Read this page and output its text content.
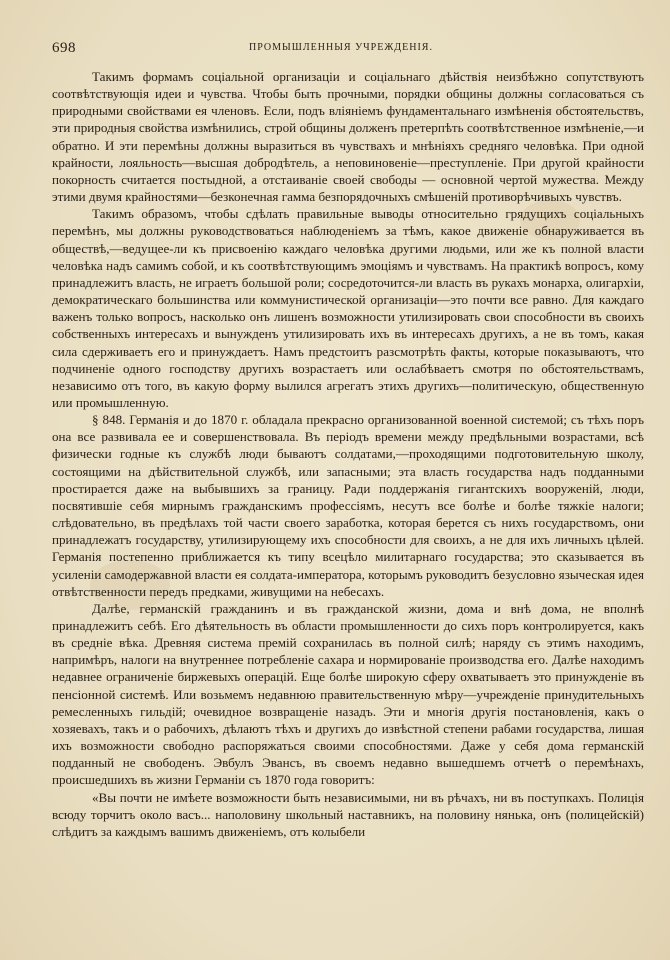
698	ПРОМЫШЛЕННЫЯ УЧРЕЖДЕНІЯ.

Такимъ формамъ соціальной организаціи и соціальнаго дѣйствія неизбѣжно сопутствуютъ соотвѣтствующія идеи и чувства. Чтобы быть прочными, порядки общины должны согласоваться съ природными свойствами ея членовъ. Если, подъ вліяніемъ фундаментальнаго измѣненія обстоятельствъ, эти природныя свойства измѣнились, строй общины долженъ претерпѣть соотвѣтственное измѣненіе,—и обратно. И эти перемѣны должны выразиться въ чувствахъ и мнѣніяхъ средняго человѣка. При одной крайности, лояльность—высшая добродѣтель, а неповиновеніе—преступленіе. При другой крайности покорность считается постыдной, а отстаиваніе своей свободы — основной чертой мужества. Между этими двумя крайностями—безконечная гамма безпорядочныхъ смѣшеній противорѣчивыхъ чувствъ.

Такимъ образомъ, чтобы сдѣлать правильные выводы относительно грядущихъ соціальныхъ перемѣнъ, мы должны руководствоваться наблюденіемъ за тѣмъ, какое движеніе обнаруживается въ обществѣ,—ведущее-ли къ присвоенію каждаго человѣка другими людьми, или же къ полной власти человѣка надъ самимъ собой, и къ соотвѣтствующимъ эмоціямъ и чувствамъ. На практикѣ вопросъ, кому принадлежитъ власть, не играетъ большой роли; сосредоточится-ли власть въ рукахъ монарха, олигархіи, демократическаго большинства или коммунистической организаціи—это почти все равно. Для каждаго важенъ только вопросъ, насколько онъ лишенъ возможности утилизировать свои способности въ своихъ собственныхъ интересахъ и вынужденъ утилизировать ихъ въ интересахъ другихъ, а не въ томъ, какая сила сдерживаетъ его и принуждаетъ. Намъ предстоитъ разсмотрѣть факты, которые показываютъ, что подчиненіе одного господству другихъ возрастаетъ или ослабѣваетъ смотря по обстоятельствамъ, независимо отъ того, въ какую форму вылился агрегатъ этихъ другихъ—политическую, общественную или промышленную.

§ 848. Германія и до 1870 г. обладала прекрасно организованной военной системой; съ тѣхъ поръ она все развивала ее и совершенствовала. Въ періодъ времени между предѣльными возрастами, всѣ физически годные къ службѣ люди бываютъ солдатами,—проходящими подготовительную школу, состоящими на дѣйствительной службѣ, или запасными; эта власть государства надъ подданными простирается даже на выбывшихъ за границу. Ради поддержанія гигантскихъ вооруженій, люди, посвятившіе себя мирнымъ гражданскимъ профессіямъ, несутъ все болѣе и болѣе тяжкіе налоги; слѣдовательно, въ предѣлахъ той части своего заработка, которая берется съ нихъ государствомъ, они принадлежатъ государству, утилизирующему ихъ способности для своихъ, а не для ихъ личныхъ цѣлей. Германія постепенно приближается къ типу всецѣло милитарнаго государства; это сказывается въ усиленіи самодержавной власти ея солдата-императора, которымъ руководитъ безусловно языческая идея отвѣтственности передъ предками, живущими на небесахъ.

Далѣе, германскій гражданинъ и въ гражданской жизни, дома и внѣ дома, не вполнѣ принадлежитъ себѣ. Его дѣятельность въ области промышленности до сихъ поръ контролируется, какъ въ средніе вѣка. Древняя система премій сохранилась въ полной силѣ; наряду съ этимъ находимъ, напримѣръ, налоги на внутреннее потребленіе сахара и нормированіе производства его. Далѣе находимъ недавнее ограниченіе биржевыхъ операцій. Еще болѣе широкую сферу охватываетъ это принужденіе въ пенсіонной системѣ. Или возьмемъ недавнюю правительственную мѣру—учрежденіе принудительныхъ ремесленныхъ гильдій; очевидное возвращеніе назадъ. Эти и многія другія постановленія, какъ о хозяевахъ, такъ и о рабочихъ, дѣлаютъ тѣхъ и другихъ до извѣстной степени рабами государства, лишая ихъ возможности свободно распоряжаться своими способностями. Даже у себя дома германскій подданный не свободенъ. Эвбулъ Эвансъ, въ своемъ недавно вышедшемъ отчетѣ о перемѣнахъ, происшедшихъ въ жизни Германіи съ 1870 года говоритъ:

«Вы почти не имѣете возможности быть независимыми, ни въ рѣчахъ, ни въ поступкахъ. Полиція всюду торчитъ около васъ... наполовину школьный наставникъ, на половину нянька, онъ (полицейскій) слѣдитъ за каждымъ вашимъ движеніемъ, отъ колыбели
